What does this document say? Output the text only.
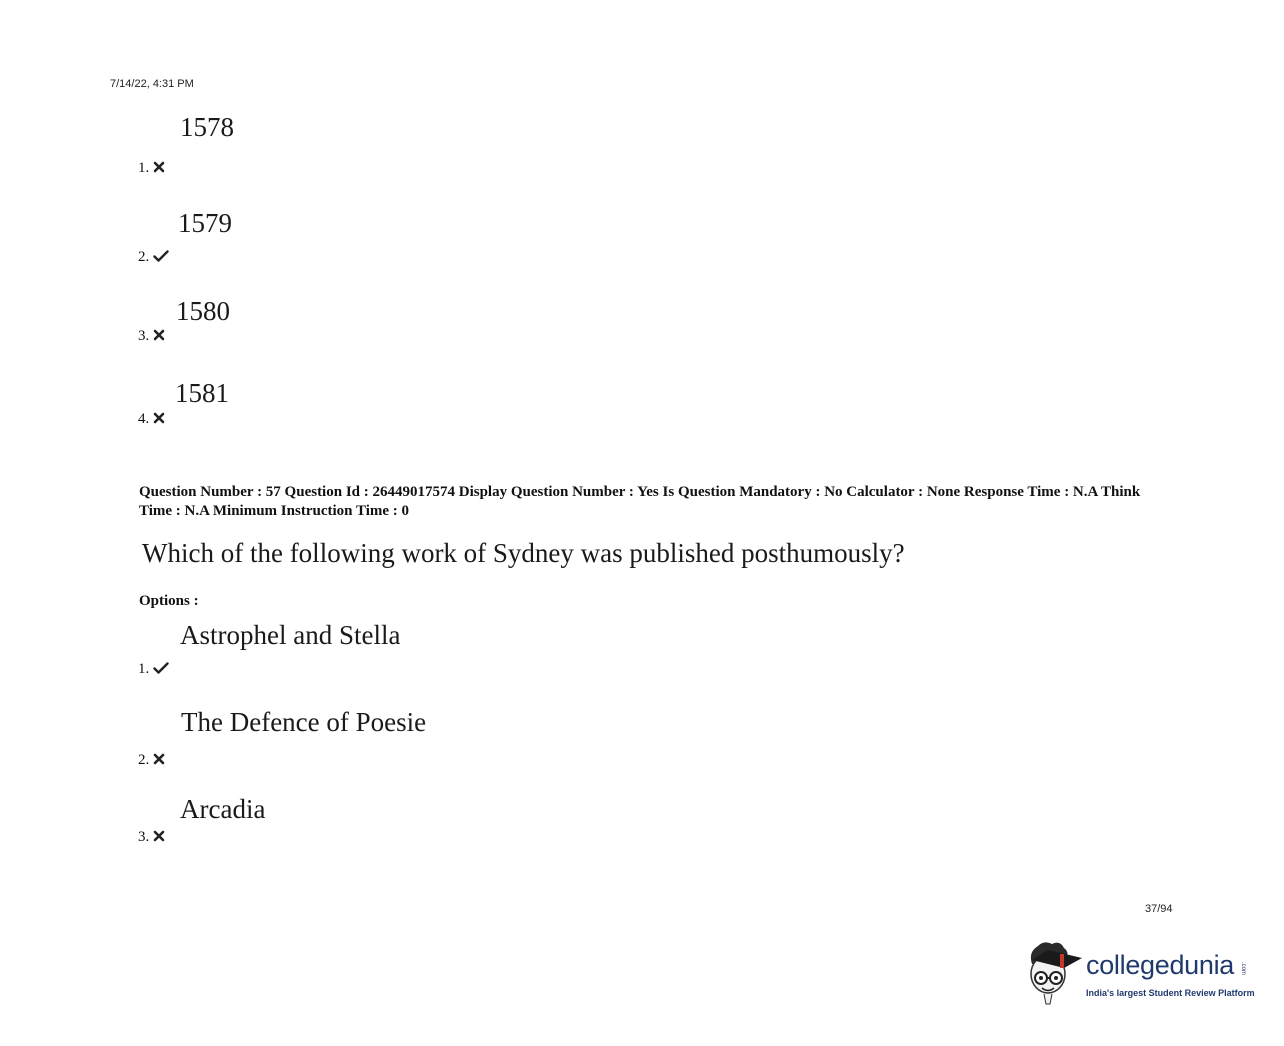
7/14/22, 4:31 PM
1578
1.
1579
2.
1580
3.
1581
4.
Question Number : 57 Question Id : 26449017574 Display Question Number : Yes Is Question Mandatory : No Calculator : None Response Time : N.A Think Time : N.A Minimum Instruction Time : 0
Which of the following work of Sydney was published posthumously?
Options :
Astrophel and Stella
1.
The Defence of Poesie
2.
Arcadia
3.
37/94
collegedunia .com
India's largest Student Review Platform
